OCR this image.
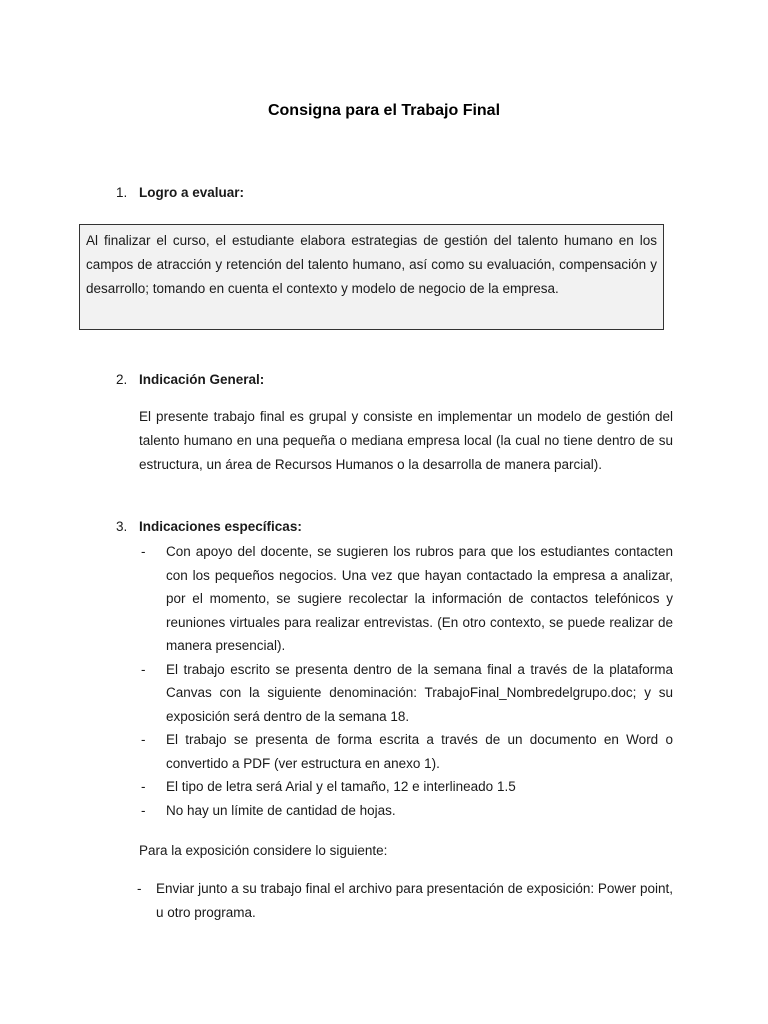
Consigna para el Trabajo Final
1. Logro a evaluar:
Al finalizar el curso, el estudiante elabora estrategias de gestión del talento humano en los campos de atracción y retención del talento humano, así como su evaluación, compensación y desarrollo; tomando en cuenta el contexto y modelo de negocio de la empresa.
2. Indicación General:
El presente trabajo final es grupal y consiste en implementar un modelo de gestión del talento humano en una pequeña o mediana empresa local (la cual no tiene dentro de su estructura, un área de Recursos Humanos o la desarrolla de manera parcial).
3. Indicaciones específicas:
- Con apoyo del docente, se sugieren los rubros para que los estudiantes contacten con los pequeños negocios. Una vez que hayan contactado la empresa a analizar, por el momento, se sugiere recolectar la información de contactos telefónicos y reuniones virtuales para realizar entrevistas. (En otro contexto, se puede realizar de manera presencial).
- El trabajo escrito se presenta dentro de la semana final a través de la plataforma Canvas con la siguiente denominación: TrabajoFinal_Nombredelgrupo.doc; y su exposición será dentro de la semana 18.
- El trabajo se presenta de forma escrita a través de un documento en Word o convertido a PDF (ver estructura en anexo 1).
- El tipo de letra será Arial y el tamaño, 12 e interlineado 1.5
- No hay un límite de cantidad de hojas.
Para la exposición considere lo siguiente:
- Enviar junto a su trabajo final el archivo para presentación de exposición: Power point, u otro programa.
